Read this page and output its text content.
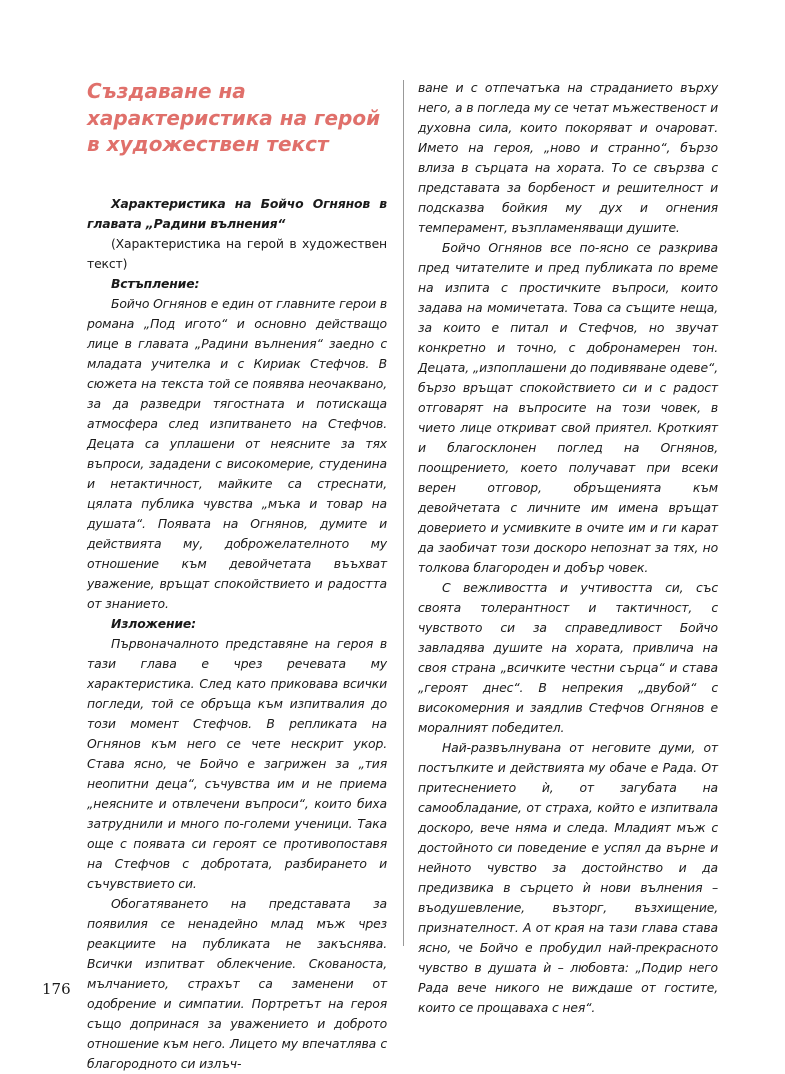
Създаване на характеристика на герой в художествен текст

Характеристика на Бойчо Огнянов в главата „Радини вълнения“

(Характеристика на герой в художествен текст)

Встъпление:

Бойчо Огнянов е един от главните герои в романа „Под игото“ и основно действащо лице в главата „Радини вълнения“ заедно с младата учителка и с Кириак Стефчов. В сюжета на текста той се появява неочаквано, за да разведри тягостната и потискаща атмосфера след изпитването на Стефчов. Децата са уплашени от неясните за тях въпроси, зададени с високомерие, студенина и нетактичност, майките са стреснати, цялата публика чувства „мъка и товар на душата“. Появата на Огнянов, думите и действията му, доброжелателното му отношение към девойчетата въъхват уважение, връщат спокойствието и радостта от знанието.

Изложение:

Първоначалното представяне на героя в тази глава е чрез речевата му характеристика. След като приковава всички погледи, той се обръща към изпитвалия до този момент Стефчов. В репликата на Огнянов към него се чете нескрит укор. Става ясно, че Бойчо е загрижен за „тия неопитни деца“, съчувства им и не приема „неясните и отвлечени въпроси“, които биха затруднили и много по-големи ученици. Така още с появата си героят се противопоставя на Стефчов с добротата, разбирането и съчувствието си.

Обогатяването на представата за появилия се ненадейно млад мъж чрез реакциите на публиката не закъснява. Всички изпитват облекчение. Скованоста, мълчанието, страхът са заменени от одобрение и симпатии. Портретът на героя също допринася за уважението и доброто отношение към него. Лицето му впечатлява с благородното си излъч-

ване и с отпечатъка на страданието върху него, а в погледа му се четат мъжественост и духовна сила, които покоряват и очароват. Името на героя, „ново и странно“, бързо влиза в сърцата на хората. То се свързва с представата за борбеност и решителност и подсказва бойкия му дух и огнения темперамент, възпламеняващи душите.

Бойчо Огнянов все по-ясно се разкрива пред читателите и пред публиката по време на изпита с простичките въпроси, които задава на момичетата. Това са същите неща, за които е питал и Стефчов, но звучат конкретно и точно, с добронамерен тон. Децата, „изпоплашени до подивяване одеве“, бързо връщат спокойствието си и с радост отговарят на въпросите на този човек, в чието лице откриват свой приятел. Кроткият и благосклонен поглед на Огнянов, поощрението, което получават при всеки верен отговор, обръщенията към девойчетата с личните им имена връщат доверието и усмивките в очите им и ги карат да заобичат този доскоро непознат за тях, но толкова благороден и добър човек.

С вежливостта и учтивостта си, със своята толерантност и тактичност, с чувството си за справедливост Бойчо завладява душите на хората, привлича на своя страна „всичките честни сърца“ и става „героят днес“. В непрекия „двубой“ с високомерния и заядлив Стефчов Огнянов е моралният победител.

Най-развълнувана от неговите думи, от постъпките и действията му обаче е Рада. От притеснението ѝ, от загубата на самообладание, от страха, който е изпитвала доскоро, вече няма и следа. Младият мъж с достойното си поведение е успял да върне и нейното чувство за достойнство и да предизвика в сърцето ѝ нови вълнения – въодушевление, възторг, възхищение, признателност. А от края на тази глава става ясно, че Бойчо е пробудил най-прекрасното чувство в душата ѝ – любовта: „Подир него Рада вече никого не виждаше от гостите, които се прощаваха с нея“.

176
